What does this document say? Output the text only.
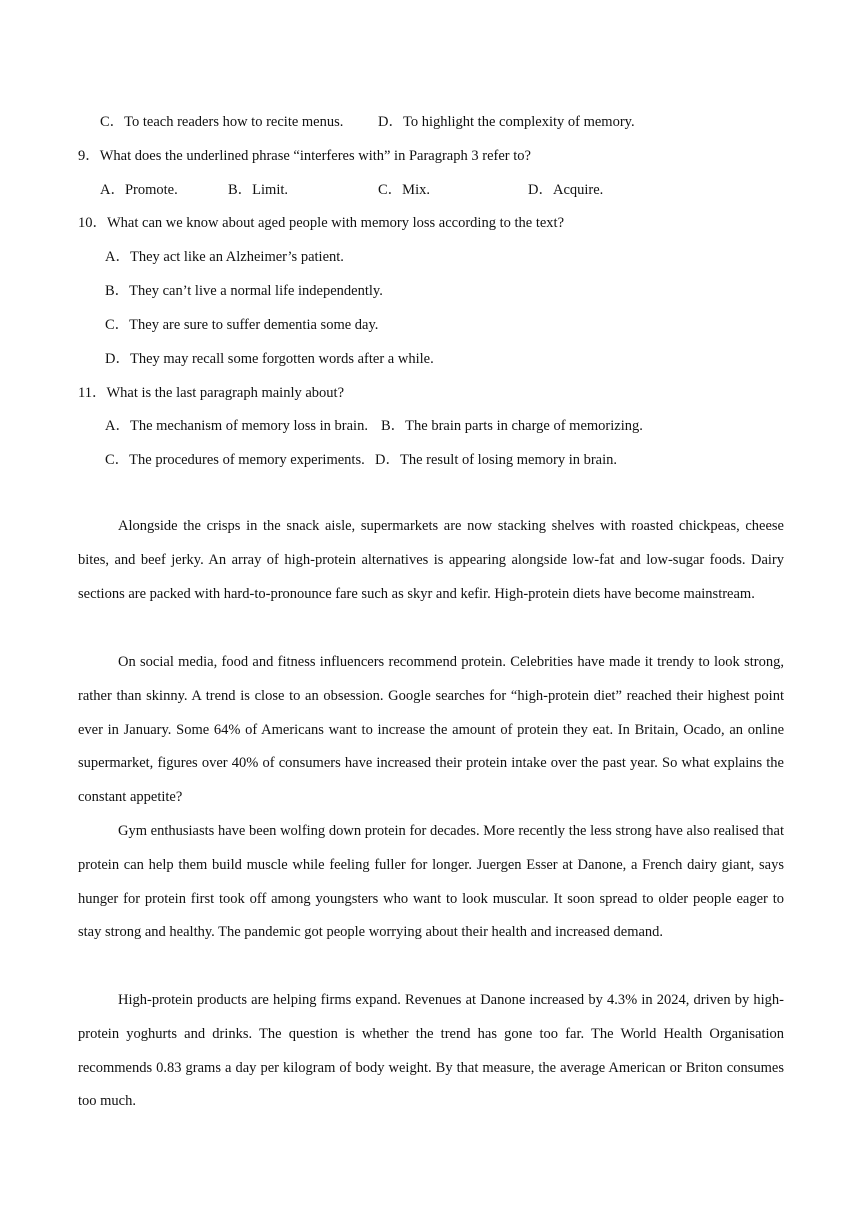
C．To teach readers how to recite menus. D．To highlight the complexity of memory.
9．What does the underlined phrase “interferes with” in Paragraph 3 refer to?
A．Promote.	B．Limit.	C．Mix.	D．Acquire.
10．What can we know about aged people with memory loss according to the text?
A．They act like an Alzheimer’s patient.
B．They can’t live a normal life independently.
C．They are sure to suffer dementia some day.
D．They may recall some forgotten words after a while.
11．What is the last paragraph mainly about?
A．The mechanism of memory loss in brain. B．The brain parts in charge of memorizing.
C．The procedures of memory experiments. D．The result of losing memory in brain.

Alongside the crisps in the snack aisle, supermarkets are now stacking shelves with roasted chickpeas, cheese bites, and beef jerky. An array of high-protein alternatives is appearing alongside low-fat and low-sugar foods. Dairy sections are packed with hard-to-pronounce fare such as skyr and kefir. High-protein diets have become mainstream.

On social media, food and fitness influencers recommend protein. Celebrities have made it trendy to look strong, rather than skinny. A trend is close to an obsession. Google searches for “high-protein diet” reached their highest point ever in January. Some 64% of Americans want to increase the amount of protein they eat. In Britain, Ocado, an online supermarket, figures over 40% of consumers have increased their protein intake over the past year. So what explains the constant appetite?

Gym enthusiasts have been wolfing down protein for decades. More recently the less strong have also realised that protein can help them build muscle while feeling fuller for longer. Juergen Esser at Danone, a French dairy giant, says hunger for protein first took off among youngsters who want to look muscular. It soon spread to older people eager to stay strong and healthy. The pandemic got people worrying about their health and increased demand.

High-protein products are helping firms expand. Revenues at Danone increased by 4.3% in 2024, driven by high-protein yoghurts and drinks. The question is whether the trend has gone too far. The World Health Organisation recommends 0.83 grams a day per kilogram of body weight. By that measure, the average American or Briton consumes too much.
